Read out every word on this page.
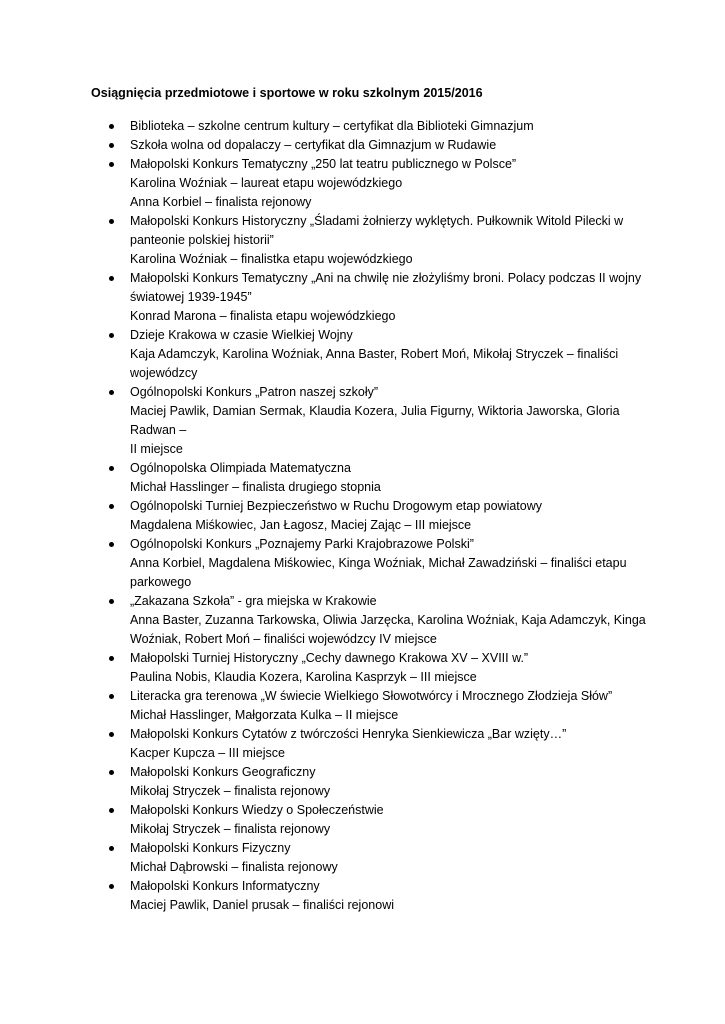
Osiągnięcia przedmiotowe i sportowe w roku szkolnym 2015/2016
Biblioteka – szkolne centrum kultury – certyfikat dla Biblioteki Gimnazjum
Szkoła wolna od dopalaczy – certyfikat dla Gimnazjum w Rudawie
Małopolski Konkurs Tematyczny „250 lat teatru publicznego w Polsce”
Karolina Woźniak – laureat etapu wojewódzkiego
Anna Korbiel – finalista rejonowy
Małopolski Konkurs Historyczny „Śladami żołnierzy wyklętych. Pułkownik Witold Pilecki w
panteonie polskiej historii”
Karolina Woźniak – finalistka etapu wojewódzkiego
Małopolski Konkurs Tematyczny „Ani na chwilę nie złożyliśmy broni. Polacy podczas II wojny
światowej 1939-1945”
Konrad Marona – finalista etapu wojewódzkiego
Dzieje Krakowa w czasie Wielkiej Wojny
Kaja Adamczyk, Karolina Woźniak, Anna Baster, Robert Moń, Mikołaj Stryczek – finaliści
wojewódzcy
Ogólnopolski Konkurs „Patron naszej szkoły”
Maciej Pawlik, Damian Sermak, Klaudia Kozera, Julia Figurny, Wiktoria Jaworska, Gloria
Radwan –
II miejsce
Ogólnopolska Olimpiada Matematyczna
Michał Hasslinger – finalista drugiego stopnia
Ogólnopolski Turniej Bezpieczeństwo w Ruchu Drogowym etap powiatowy
Magdalena Miśkowiec, Jan Łagosz, Maciej Zając – III miejsce
Ogólnopolski Konkurs „Poznajemy Parki Krajobrazowe Polski”
Anna Korbiel, Magdalena Miśkowiec, Kinga Woźniak, Michał Zawadziński – finaliści etapu
parkowego
„Zakazana Szkoła” - gra miejska w Krakowie
Anna Baster, Zuzanna Tarkowska, Oliwia Jarzęcka, Karolina Woźniak, Kaja Adamczyk, Kinga
Woźniak, Robert Moń – finaliści wojewódzcy IV miejsce
Małopolski Turniej Historyczny „Cechy dawnego Krakowa XV – XVIII w.”
Paulina Nobis, Klaudia Kozera, Karolina Kasprzyk – III miejsce
Literacka gra terenowa „W świecie Wielkiego Słowotwórcy i Mrocznego Złodzieja Słów”
Michał Hasslinger, Małgorzata Kulka – II miejsce
Małopolski Konkurs Cytatów z twórczości Henryka Sienkiewicza „Bar wzięty…”
Kacper Kupcza – III miejsce
Małopolski Konkurs Geograficzny
Mikołaj Stryczek – finalista rejonowy
Małopolski Konkurs Wiedzy o Społeczeństwie
Mikołaj Stryczek – finalista rejonowy
Małopolski Konkurs Fizyczny
Michał Dąbrowski – finalista rejonowy
Małopolski Konkurs Informatyczny
Maciej Pawlik, Daniel prusak – finaliści rejonowi
